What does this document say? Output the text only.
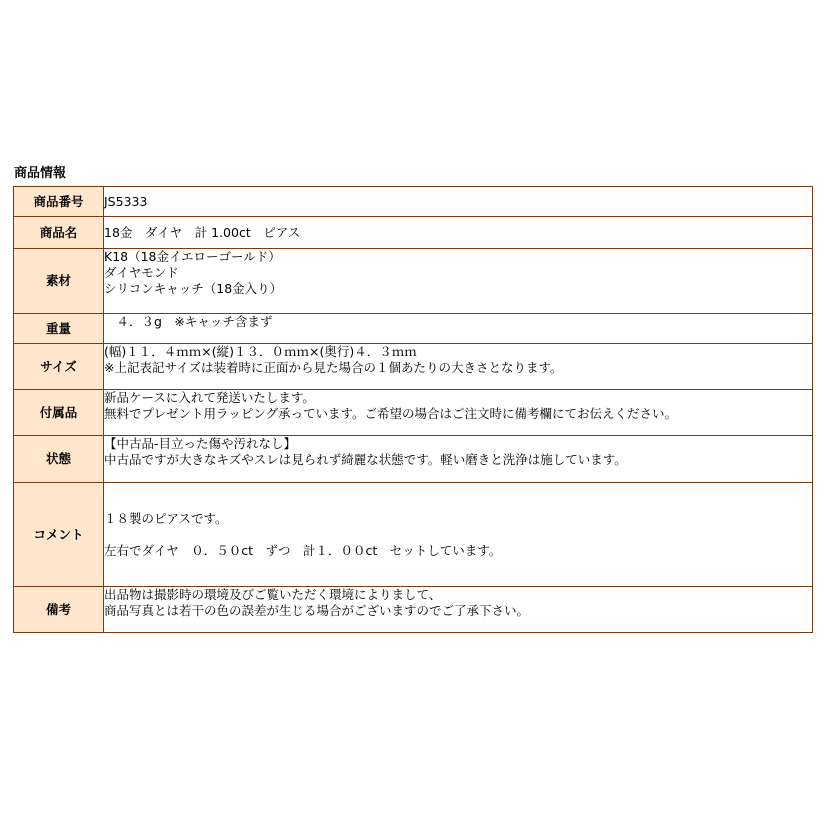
商品情報
商品番号	JS5333

商品名	18金　ダイヤ　計 1.00ct　ピアス

素材	K18（18金イエローゴールド）
ダイヤモンド
シリコンキャッチ（18金入り）

重量	　４．３g　※キャッチ含まず

サイズ	(幅)１１．４ｍｍ×(縦)１３．０ｍｍ×(奥行)４．３ｍｍ
※上記表記サイズは装着時に正面から見た場合の１個あたりの大きさとなります。

付属品	新品ケースに入れて発送いたします。
無料でプレゼント用ラッピング承っています。ご希望の場合はご注文時に備考欄にてお伝えください。

状態	【中古品-目立った傷や汚れなし】
中古品ですが大きなキズやスレは見られず綺麗な状態です。軽い磨きと洗浄は施しています。

コメント	１８製のピアスです。
左右でダイヤ　０．５０ct　ずつ　計１．００ct　セットしています。

備考	出品物は撮影時の環境及びご覧いただく環境によりまして、
商品写真とは若干の色の誤差が生じる場合がございますのでご了承下さい。
